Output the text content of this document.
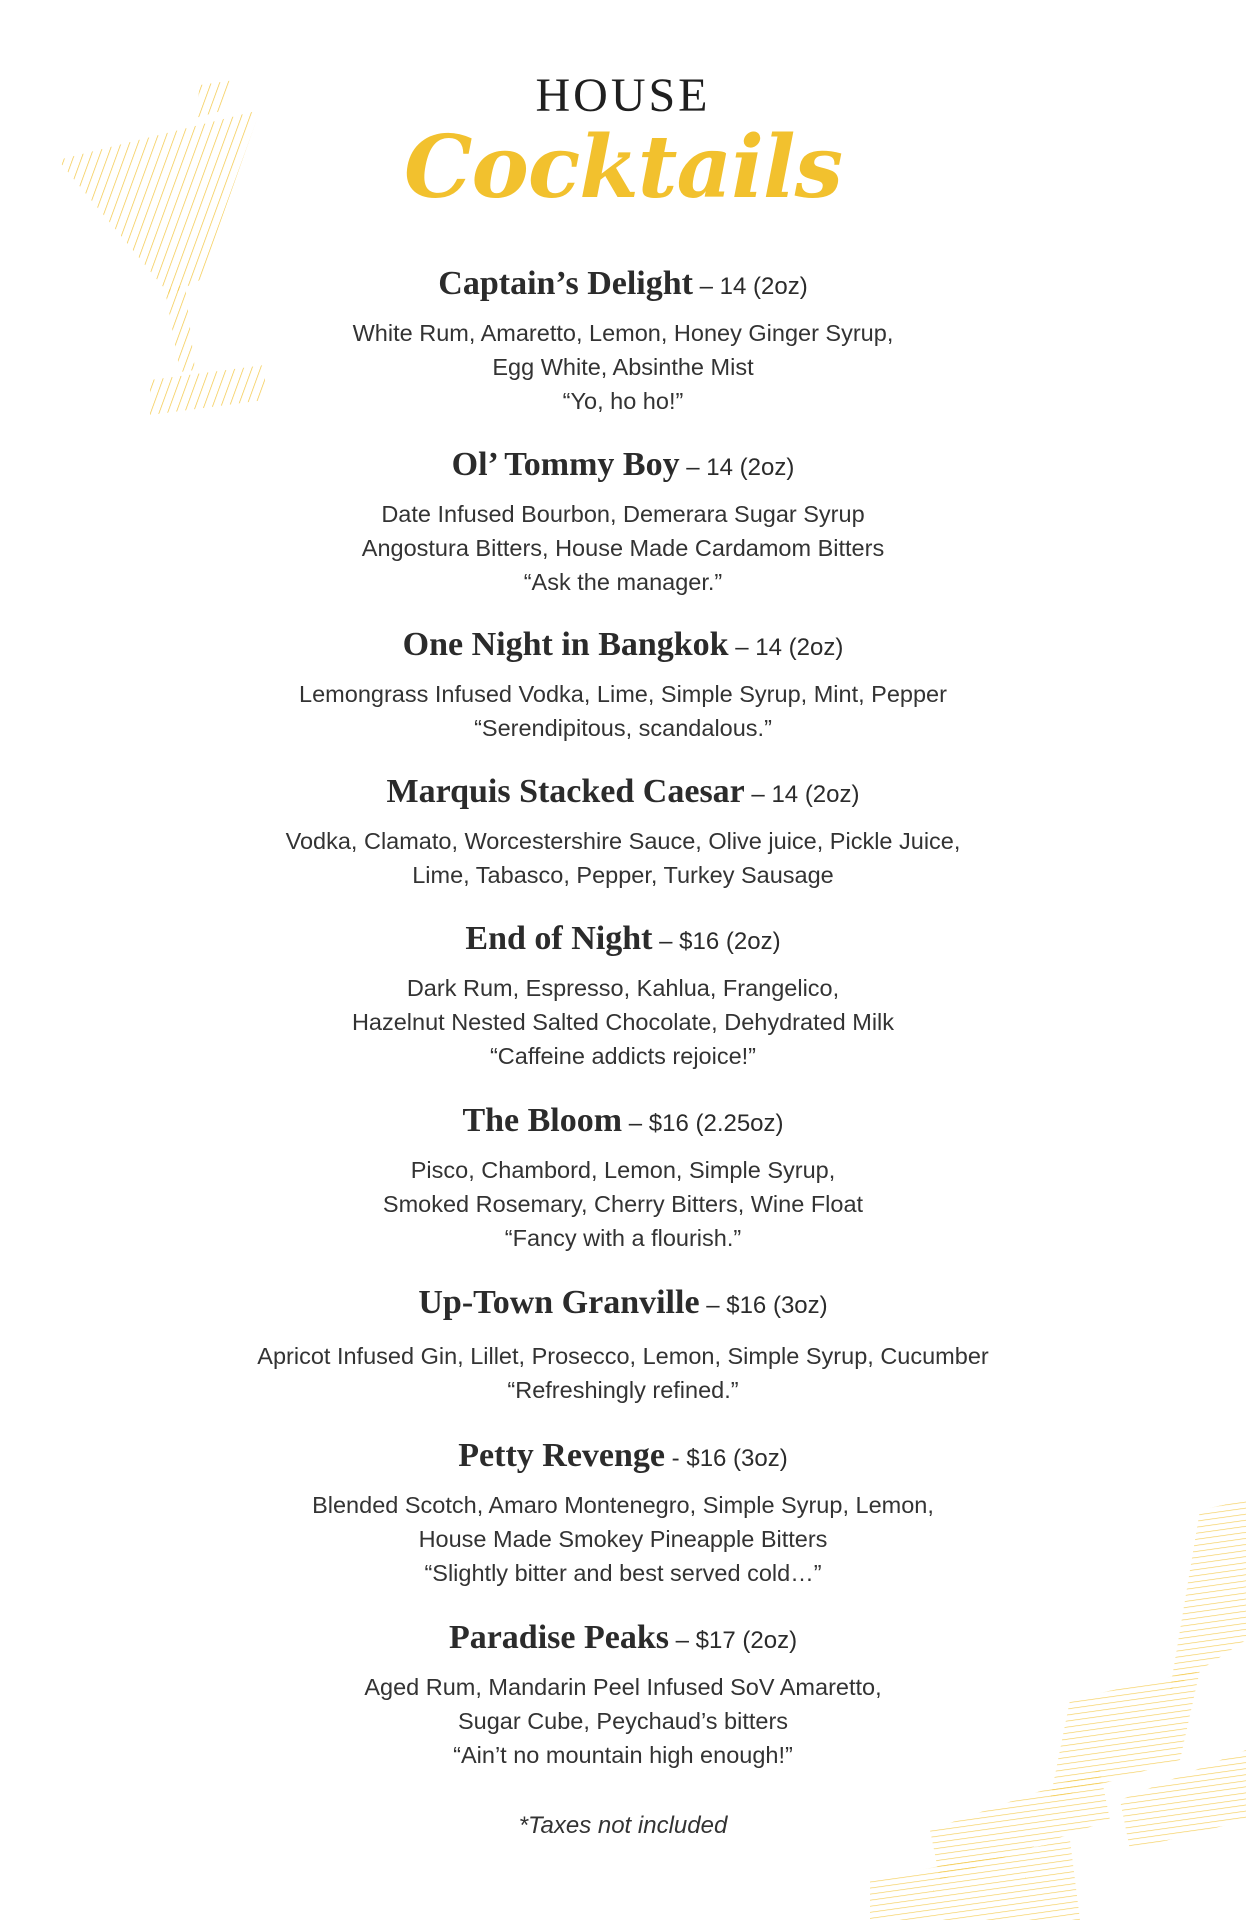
HOUSE
Cocktails
Captain’s Delight – 14 (2oz)
White Rum, Amaretto, Lemon, Honey Ginger Syrup,
Egg White, Absinthe Mist
“Yo, ho ho!”
Ol’ Tommy Boy – 14 (2oz)
Date Infused Bourbon, Demerara Sugar Syrup
Angostura Bitters, House Made Cardamom Bitters
“Ask the manager.”
One Night in Bangkok – 14 (2oz)
Lemongrass Infused Vodka, Lime, Simple Syrup, Mint, Pepper
“Serendipitous, scandalous.”
Marquis Stacked Caesar – 14 (2oz)
Vodka, Clamato, Worcestershire Sauce, Olive juice, Pickle Juice,
Lime, Tabasco, Pepper, Turkey Sausage
End of Night – $16 (2oz)
Dark Rum, Espresso, Kahlua, Frangelico,
Hazelnut Nested Salted Chocolate, Dehydrated Milk
“Caffeine addicts rejoice!”
The Bloom – $16 (2.25oz)
Pisco, Chambord, Lemon, Simple Syrup,
Smoked Rosemary, Cherry Bitters, Wine Float
“Fancy with a flourish.”
Up-Town Granville – $16 (3oz)
Apricot Infused Gin, Lillet, Prosecco, Lemon, Simple Syrup, Cucumber
“Refreshingly refined.”
Petty Revenge - $16 (3oz)
Blended Scotch, Amaro Montenegro, Simple Syrup, Lemon,
House Made Smokey Pineapple Bitters
“Slightly bitter and best served cold…”
Paradise Peaks – $17 (2oz)
Aged Rum, Mandarin Peel Infused SoV Amaretto,
Sugar Cube, Peychaud’s bitters
“Ain’t no mountain high enough!”
*Taxes not included
